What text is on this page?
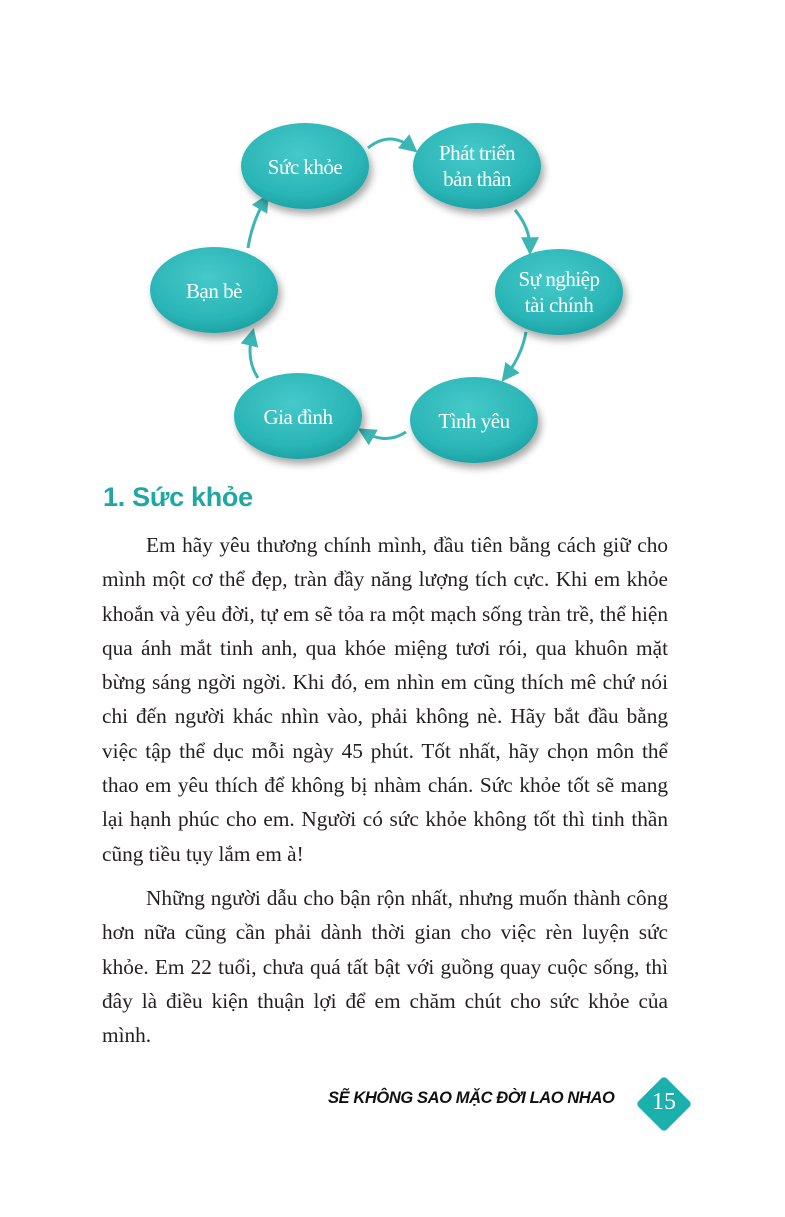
Sức khỏe
Phát triển
bản thân
Sự nghiệp
tài chính
Tình yêu
Gia đình
Bạn bè
1. Sức khỏe

Em hãy yêu thương chính mình, đầu tiên bằng cách giữ cho mình một cơ thể đẹp, tràn đầy năng lượng tích cực. Khi em khỏe khoắn và yêu đời, tự em sẽ tỏa ra một mạch sống tràn trề, thể hiện qua ánh mắt tinh anh, qua khóe miệng tươi rói, qua khuôn mặt bừng sáng ngời ngời. Khi đó, em nhìn em cũng thích mê chứ nói chi đến người khác nhìn vào, phải không nè. Hãy bắt đầu bằng việc tập thể dục mỗi ngày 45 phút. Tốt nhất, hãy chọn môn thể thao em yêu thích để không bị nhàm chán. Sức khỏe tốt sẽ mang lại hạnh phúc cho em. Người có sức khỏe không tốt thì tinh thần cũng tiều tụy lắm em à!

Những người dẫu cho bận rộn nhất, nhưng muốn thành công hơn nữa cũng cần phải dành thời gian cho việc rèn luyện sức khỏe. Em 22 tuổi, chưa quá tất bật với guồng quay cuộc sống, thì đây là điều kiện thuận lợi để em chăm chút cho sức khỏe của mình.

SẼ KHÔNG SAO MẶC ĐỜI LAO NHAO	15
